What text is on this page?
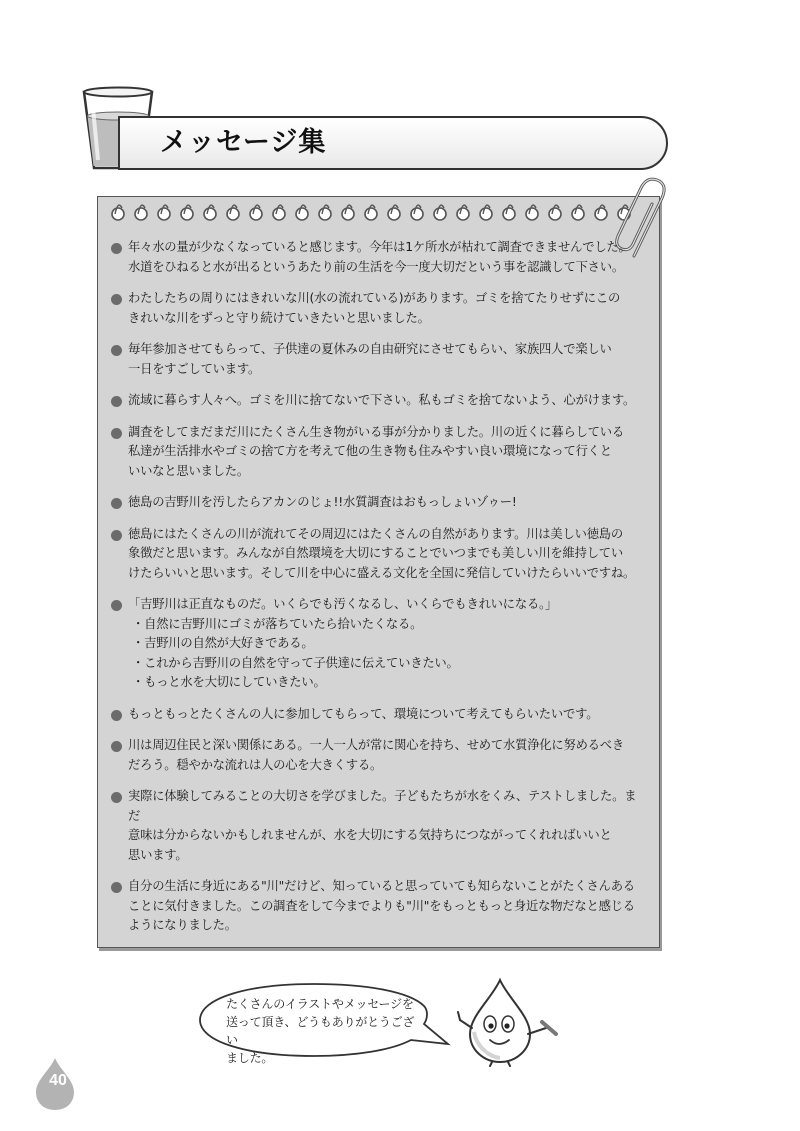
メッセージ集

年々水の量が少なくなっていると感じます。今年は1ケ所水が枯れて調査できませんでした。

水道をひねると水が出るというあたり前の生活を今一度大切だという事を認識して下さい。

わたしたちの周りにはきれいな川(水の流れている)があります。ゴミを捨てたりせずにこの

きれいな川をずっと守り続けていきたいと思いました。

毎年参加させてもらって、子供達の夏休みの自由研究にさせてもらい、家族四人で楽しい

一日をすごしています。

流域に暮らす人々へ。ゴミを川に捨てないで下さい。私もゴミを捨てないよう、心がけます。

調査をしてまだまだ川にたくさん生き物がいる事が分かりました。川の近くに暮らしている

私達が生活排水やゴミの捨て方を考えて他の生き物も住みやすい良い環境になって行くと

いいなと思いました。

徳島の吉野川を汚したらアカンのじょ!!水質調査はおもっしょいゾゥー!

徳島にはたくさんの川が流れてその周辺にはたくさんの自然があります。川は美しい徳島の

象徴だと思います。みんなが自然環境を大切にすることでいつまでも美しい川を維持してい

けたらいいと思います。そして川を中心に盛える文化を全国に発信していけたらいいですね。

「吉野川は正直なものだ。いくらでも汚くなるし、いくらでもきれいになる。」

・自然に吉野川にゴミが落ちていたら拾いたくなる。
・吉野川の自然が大好きである。
・これから吉野川の自然を守って子供達に伝えていきたい。
・もっと水を大切にしていきたい。

もっともっとたくさんの人に参加してもらって、環境について考えてもらいたいです。

川は周辺住民と深い関係にある。一人一人が常に関心を持ち、せめて水質浄化に努めるべき

だろう。穏やかな流れは人の心を大きくする。

実際に体験してみることの大切さを学びました。子どもたちが水をくみ、テストしました。まだ

意味は分からないかもしれませんが、水を大切にする気持ちにつながってくれればいいと

思います。

自分の生活に身近にある"川"だけど、知っていると思っていても知らないことがたくさんある

ことに気付きました。この調査をして今までよりも"川"をもっともっと身近な物だなと感じる

ようになりました。

たくさんのイラストやメッセージを
送って頂き、どうもありがとうござい
ました。
40
